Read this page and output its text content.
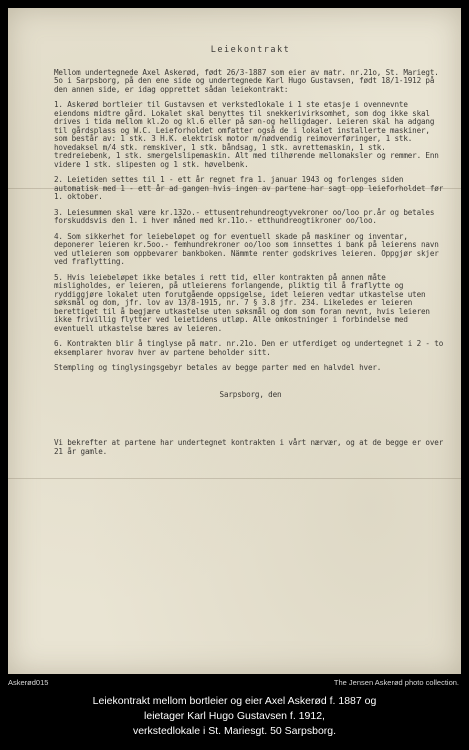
Leiekontrakt

Mellom undertegnede Axel Askerød, født 26/3-1887 som eier av matr. nr.21o, St. Mariegt. 5o i Sarpsborg, på den ene side og undertegnede Karl Hugo Gustavsen, født 18/1-1912 på den annen side, er idag opprettet sådan leiekontrakt:

1. Askerød bortleier til Gustavsen et verkstedlokale i 1 ste etasje i ovennevnte eiendoms midtre gård. Lokalet skal benyttes til snekkerivirksomhet, som dog ikke skal drives i tida mellom kl.2o og kl.6 eller på søn-og helligdager. Leieren skal ha adgang til gårdsplass og W.C. Leieforholdet omfatter også de i lokalet installerte maskiner, som består av: 1 stk. 3 H.K. elektrisk motor m/nødvendig reimoverføringer, 1 stk. hovedaksel m/4 stk. remskiver, 1 stk. båndsag, 1 stk. avrettemaskin, 1 stk. tredreiebenk, 1 stk. smergelslipemaskin. Alt med tilhørende mellomaksler og remmer. Enn videre 1 stk. slipesten og 1 stk. høvelbenk.

2. Leietiden settes til 1 - ett år regnet fra 1. januar 1943 og forlenges siden automatisk med 1 - ett år ad gangen hvis ingen av partene har sagt opp leieforholdet før 1. oktober.

3. Leiesummen skal være kr.132o.- ettusentrehundreogtyvekroner oo/loo pr.år og betales forskuddsvis den 1. i hver måned med kr.11o.- etthundreogtikroner oo/loo.

4. Som sikkerhet for leiebeløpet og for eventuell skade på maskiner og inventar, deponerer leieren kr.5oo.- femhundrekroner oo/loo som innsettes i bank på leierens navn ved utleieren som oppbevarer bankboken. Nämmte renter godskrives leieren. Oppgjør skjer ved fraflytting.

5. Hvis leiebeløpet ikke betales i rett tid, eller kontrakten på annen måte misligholdes, er leieren, på utleierens forlangende, pliktig til å fraflytte og ryddiggjøre lokalet uten forutgående oppsigelse, idet leieren vedtar utkastelse uten søksmål og dom, jfr. lov av 13/8-1915, nr. 7 § 3.8 jfr. 234. Likeledes er leieren berettiget til å begjære utkastelse uten søksmål og dom som foran nevnt, hvis leieren ikke frivillig flytter ved leietidens utløp. Alle omkostninger i forbindelse med eventuell utkastelse bæres av leieren.

6. Kontrakten blir å tinglyse på matr. nr.21o. Den er utferdiget og undertegnet i 2 - to eksemplarer hvorav hver av partene beholder sitt.

Stempling og tinglysingsgebyr betales av begge parter med en halvdel hver.

Sarpsborg, den

Vi bekrefter at partene har undertegnet kontrakten i vårt nærvær, og at de begge er over 21 år gamle.

Askerød015	The Jensen Askerød photo collection.
Leiekontrakt mellom bortleier og eier Axel Askerød f. 1887 og
leietager Karl Hugo Gustavsen f. 1912,
verkstedlokale i St. Mariesgt. 50 Sarpsborg.
